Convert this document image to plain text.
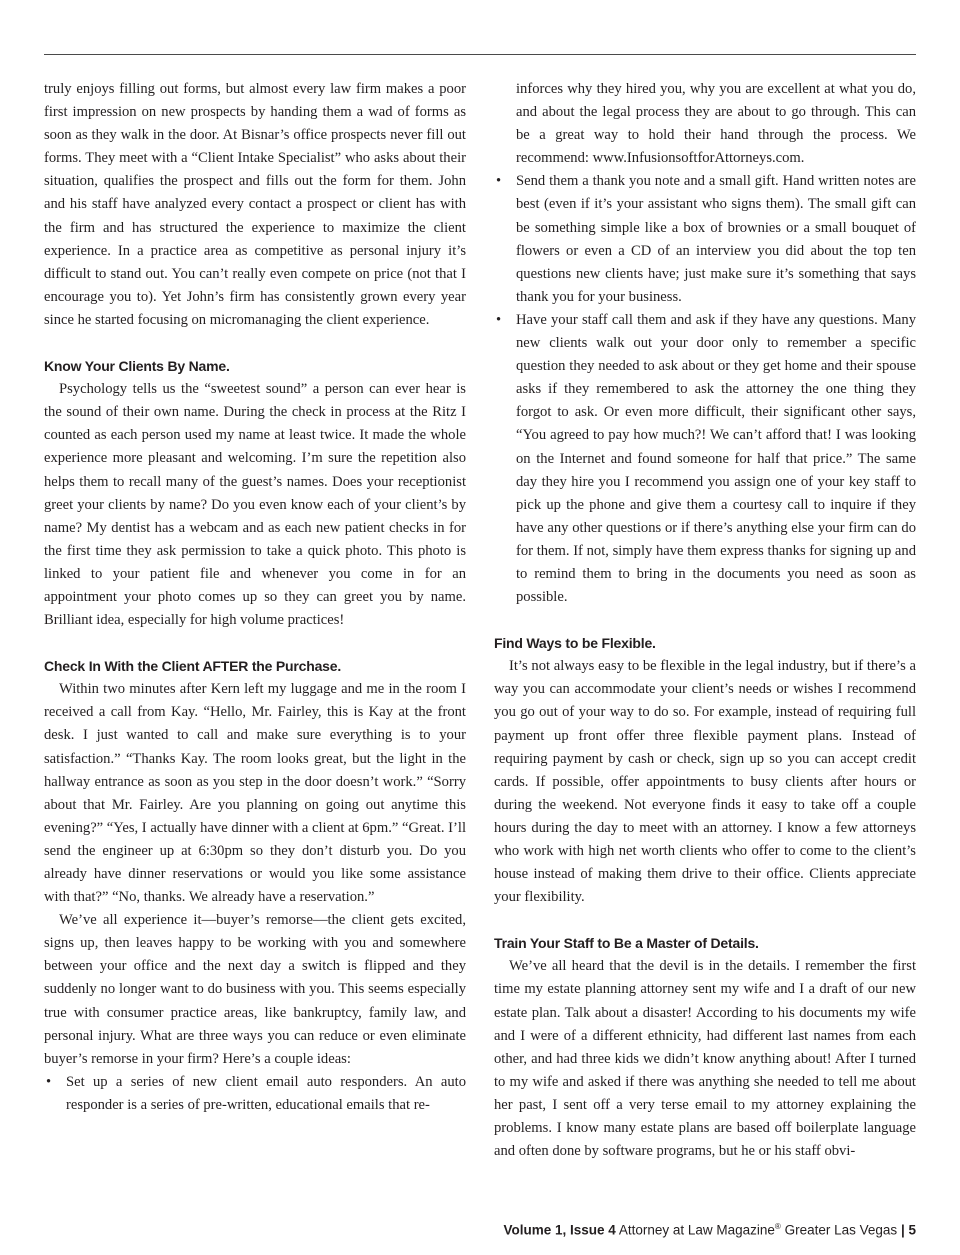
truly enjoys filling out forms, but almost every law firm makes a poor first impression on new prospects by handing them a wad of forms as soon as they walk in the door. At Bisnar’s office prospects never fill out forms. They meet with a “Client Intake Specialist” who asks about their situation, qualifies the prospect and fills out the form for them. John and his staff have analyzed every contact a prospect or client has with the firm and has structured the experience to maximize the client experience. In a practice area as competitive as personal injury it’s difficult to stand out. You can’t really even compete on price (not that I encourage you to). Yet John’s firm has consistently grown every year since he started focusing on micromanaging the client experience.

Know Your Clients By Name.

Psychology tells us the “sweetest sound” a person can ever hear is the sound of their own name. During the check in process at the Ritz I counted as each person used my name at least twice. It made the whole experience more pleasant and welcoming. I’m sure the repetition also helps them to recall many of the guest’s names. Does your receptionist greet your clients by name? Do you even know each of your client’s by name? My dentist has a webcam and as each new patient checks in for the first time they ask permission to take a quick photo. This photo is linked to your patient file and whenever you come in for an appointment your photo comes up so they can greet you by name. Brilliant idea, especially for high volume practices!

Check In With the Client AFTER the Purchase.

Within two minutes after Kern left my luggage and me in the room I received a call from Kay. “Hello, Mr. Fairley, this is Kay at the front desk. I just wanted to call and make sure everything is to your satisfaction.” “Thanks Kay. The room looks great, but the light in the hallway entrance as soon as you step in the door doesn’t work.” “Sorry about that Mr. Fairley. Are you planning on going out anytime this evening?” “Yes, I actually have dinner with a client at 6pm.” “Great. I’ll send the engineer up at 6:30pm so they don’t disturb you. Do you already have dinner reservations or would you like some assistance with that?” “No, thanks. We already have a reservation.”

We’ve all experience it—buyer’s remorse—the client gets excited, signs up, then leaves happy to be working with you and somewhere between your office and the next day a switch is flipped and they suddenly no longer want to do business with you. This seems especially true with consumer practice areas, like bankruptcy, family law, and personal injury. What are three ways you can reduce or even eliminate buyer’s remorse in your firm? Here’s a couple ideas:

• Set up a series of new client email auto responders. An auto responder is a series of pre-written, educational emails that re-
inforces why they hired you, why you are excellent at what you do, and about the legal process they are about to go through. This can be a great way to hold their hand through the process. We recommend: www.InfusionsoftforAttorneys.com.
• Send them a thank you note and a small gift. Hand written notes are best (even if it’s your assistant who signs them). The small gift can be something simple like a box of brownies or a small bouquet of flowers or even a CD of an interview you did about the top ten questions new clients have; just make sure it’s something that says thank you for your business.
• Have your staff call them and ask if they have any questions. Many new clients walk out your door only to remember a specific question they needed to ask about or they get home and their spouse asks if they remembered to ask the attorney the one thing they forgot to ask. Or even more difficult, their significant other says, “You agreed to pay how much?! We can’t afford that! I was looking on the Internet and found someone for half that price.” The same day they hire you I recommend you assign one of your key staff to pick up the phone and give them a courtesy call to inquire if they have any other questions or if there’s anything else your firm can do for them. If not, simply have them express thanks for signing up and to remind them to bring in the documents you need as soon as possible.
Find Ways to be Flexible.

It’s not always easy to be flexible in the legal industry, but if there’s a way you can accommodate your client’s needs or wishes I recommend you go out of your way to do so. For example, instead of requiring full payment up front offer three flexible payment plans. Instead of requiring payment by cash or check, sign up so you can accept credit cards. If possible, offer appointments to busy clients after hours or during the weekend. Not everyone finds it easy to take off a couple hours during the day to meet with an attorney. I know a few attorneys who work with high net worth clients who offer to come to the client’s house instead of making them drive to their office. Clients appreciate your flexibility.

Train Your Staff to Be a Master of Details.

We’ve all heard that the devil is in the details. I remember the first time my estate planning attorney sent my wife and I a draft of our new estate plan. Talk about a disaster! According to his documents my wife and I were of a different ethnicity, had different last names from each other, and had three kids we didn’t know anything about! After I turned to my wife and asked if there was anything she needed to tell me about her past, I sent off a very terse email to my attorney explaining the problems. I know many estate plans are based off boilerplate language and often done by software programs, but he or his staff obvi-

Volume 1, Issue 4 Attorney at Law Magazine® Greater Las Vegas | 5
